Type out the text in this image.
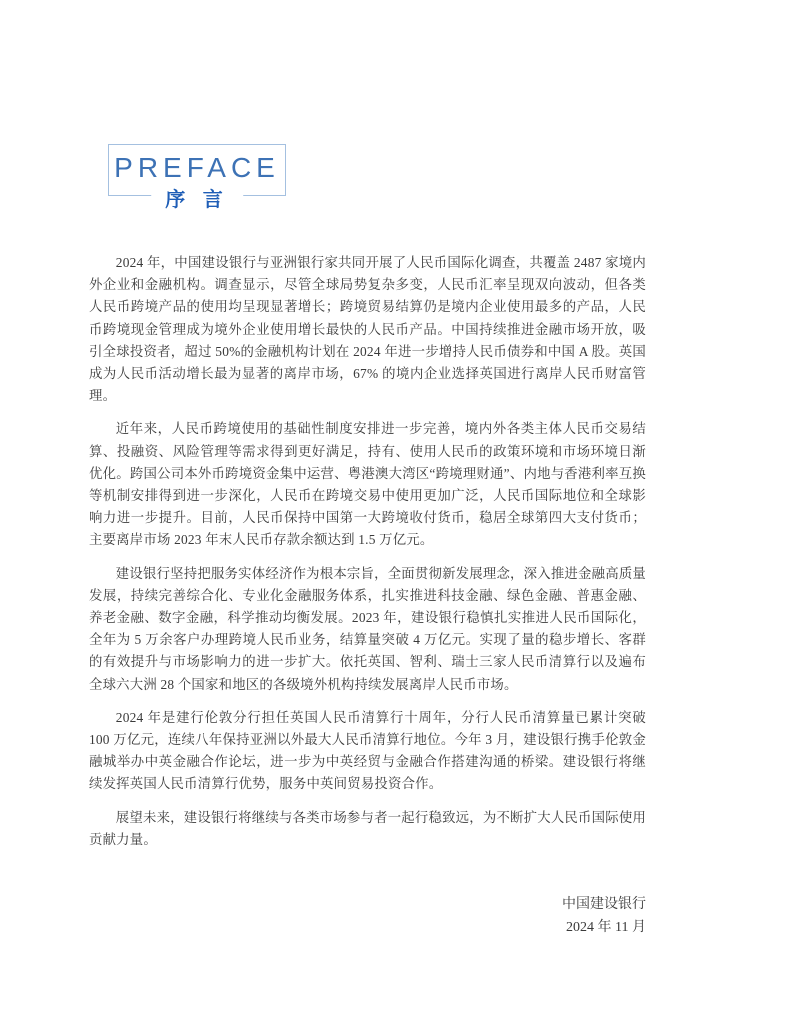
PREFACE
序 言

2024 年，中国建设银行与亚洲银行家共同开展了人民币国际化调查，共覆盖 2487 家境内外企业和金融机构。调查显示，尽管全球局势复杂多变，人民币汇率呈现双向波动，但各类人民币跨境产品的使用均呈现显著增长；跨境贸易结算仍是境内企业使用最多的产品，人民币跨境现金管理成为境外企业使用增长最快的人民币产品。中国持续推进金融市场开放，吸引全球投资者，超过 50%的金融机构计划在 2024 年进一步增持人民币债券和中国 A 股。英国成为人民币活动增长最为显著的离岸市场，67% 的境内企业选择英国进行离岸人民币财富管理。

近年来，人民币跨境使用的基础性制度安排进一步完善，境内外各类主体人民币交易结算、投融资、风险管理等需求得到更好满足，持有、使用人民币的政策环境和市场环境日渐优化。跨国公司本外币跨境资金集中运营、粤港澳大湾区“跨境理财通”、内地与香港利率互换等机制安排得到进一步深化，人民币在跨境交易中使用更加广泛，人民币国际地位和全球影响力进一步提升。目前，人民币保持中国第一大跨境收付货币，稳居全球第四大支付货币；主要离岸市场 2023 年末人民币存款余额达到 1.5 万亿元。

建设银行坚持把服务实体经济作为根本宗旨，全面贯彻新发展理念，深入推进金融高质量发展，持续完善综合化、专业化金融服务体系，扎实推进科技金融、绿色金融、普惠金融、养老金融、数字金融，科学推动均衡发展。2023 年，建设银行稳慎扎实推进人民币国际化，全年为 5 万余客户办理跨境人民币业务，结算量突破 4 万亿元。实现了量的稳步增长、客群的有效提升与市场影响力的进一步扩大。依托英国、智利、瑞士三家人民币清算行以及遍布全球六大洲 28 个国家和地区的各级境外机构持续发展离岸人民币市场。

2024 年是建行伦敦分行担任英国人民币清算行十周年，分行人民币清算量已累计突破 100 万亿元，连续八年保持亚洲以外最大人民币清算行地位。今年 3 月，建设银行携手伦敦金融城举办中英金融合作论坛，进一步为中英经贸与金融合作搭建沟通的桥梁。建设银行将继续发挥英国人民币清算行优势，服务中英间贸易投资合作。

展望未来，建设银行将继续与各类市场参与者一起行稳致远，为不断扩大人民币国际使用贡献力量。

中国建设银行
2024 年 11 月
